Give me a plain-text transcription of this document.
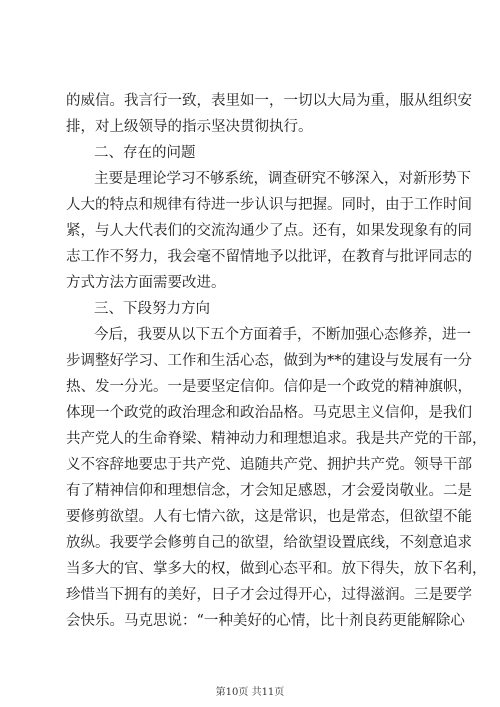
的威信。我言行一致，表里如一，一切以大局为重，服从组织安
排，对上级领导的指示坚决贯彻执行。
二、存在的问题
主要是理论学习不够系统，调查研究不够深入，对新形势下
人大的特点和规律有待进一步认识与把握。同时，由于工作时间
紧，与人大代表们的交流沟通少了点。还有，如果发现象有的同
志工作不努力，我会毫不留情地予以批评，在教育与批评同志的
方式方法方面需要改进。
三、下段努力方向
今后，我要从以下五个方面着手，不断加强心态修养，进一
步调整好学习、工作和生活心态，做到为**的建设与发展有一分
热、发一分光。一是要坚定信仰。信仰是一个政党的精神旗帜，
体现一个政党的政治理念和政治品格。马克思主义信仰，是我们
共产党人的生命脊梁、精神动力和理想追求。我是共产党的干部，
义不容辞地要忠于共产党、追随共产党、拥护共产党。领导干部
有了精神信仰和理想信念，才会知足感恩，才会爱岗敬业。二是
要修剪欲望。人有七情六欲，这是常识，也是常态，但欲望不能
放纵。我要学会修剪自己的欲望，给欲望设置底线，不刻意追求
当多大的官、掌多大的权，做到心态平和。放下得失，放下名利，
珍惜当下拥有的美好，日子才会过得开心，过得滋润。三是要学
会快乐。马克思说：“一种美好的心情，比十剂良药更能解除心
第10页 共11页
